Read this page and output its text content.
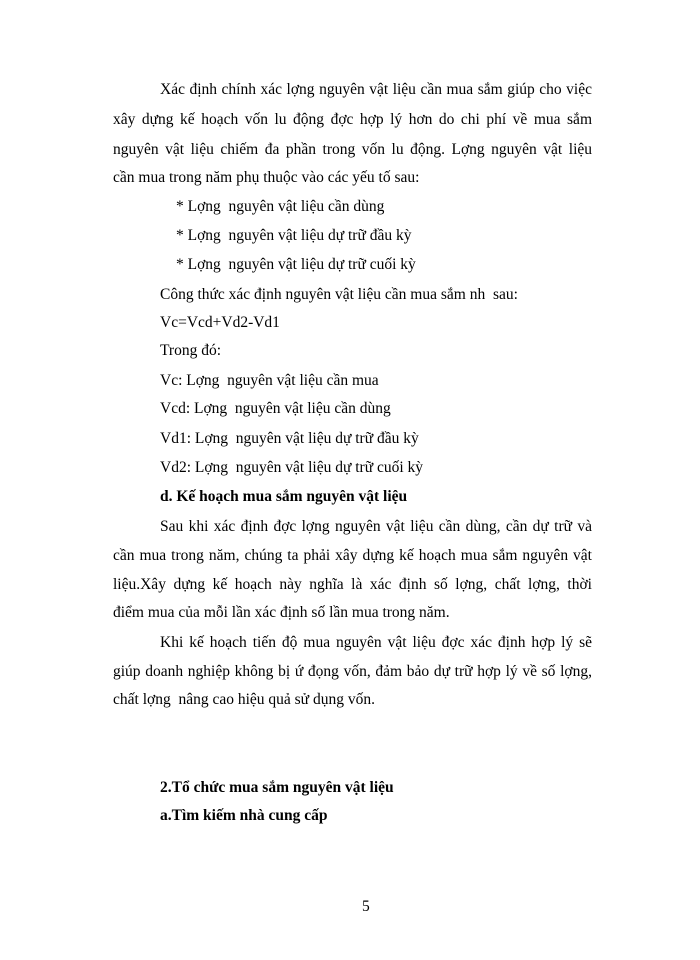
Xác định chính xác lợng nguyên vật liệu cần mua sắm giúp cho việc
xây dựng kế hoạch vốn lu động đợc hợp lý hơn do chi phí về mua sắm
nguyên vật liệu chiếm đa phần trong vốn lu động. Lợng nguyên vật liệu
cần mua trong năm phụ thuộc vào các yếu tố sau:
* Lợng  nguyên vật liệu cần dùng
* Lợng  nguyên vật liệu dự trữ đầu kỳ
* Lợng  nguyên vật liệu dự trữ cuối kỳ
Công thức xác định nguyên vật liệu cần mua sắm nh  sau:
Vc=Vcd+Vd2-Vd1
Trong đó:
Vc: Lợng  nguyên vật liệu cần mua
Vcd: Lợng  nguyên vật liệu cần dùng
Vd1: Lợng  nguyên vật liệu dự trữ đầu kỳ
Vd2: Lợng  nguyên vật liệu dự trữ cuối kỳ
d. Kế hoạch mua sắm nguyên vật liệu
Sau khi xác định đợc lợng nguyên vật liệu cần dùng, cần dự trữ và
cần mua trong năm, chúng ta phải xây dựng kế hoạch mua sắm nguyên vật
liệu.Xây dựng kế hoạch này nghĩa là xác định số lợng, chất lợng, thời
điểm mua của mỗi lần xác định số lần mua trong năm.
Khi kế hoạch tiến độ mua nguyên vật liệu đợc xác định hợp lý sẽ
giúp doanh nghiệp không bị ứ đọng vốn, đảm bảo dự trữ hợp lý về số lợng,
chất lợng  nâng cao hiệu quả sử dụng vốn.
2.Tổ chức mua sắm nguyên vật liệu
a.Tìm kiếm nhà cung cấp
5
